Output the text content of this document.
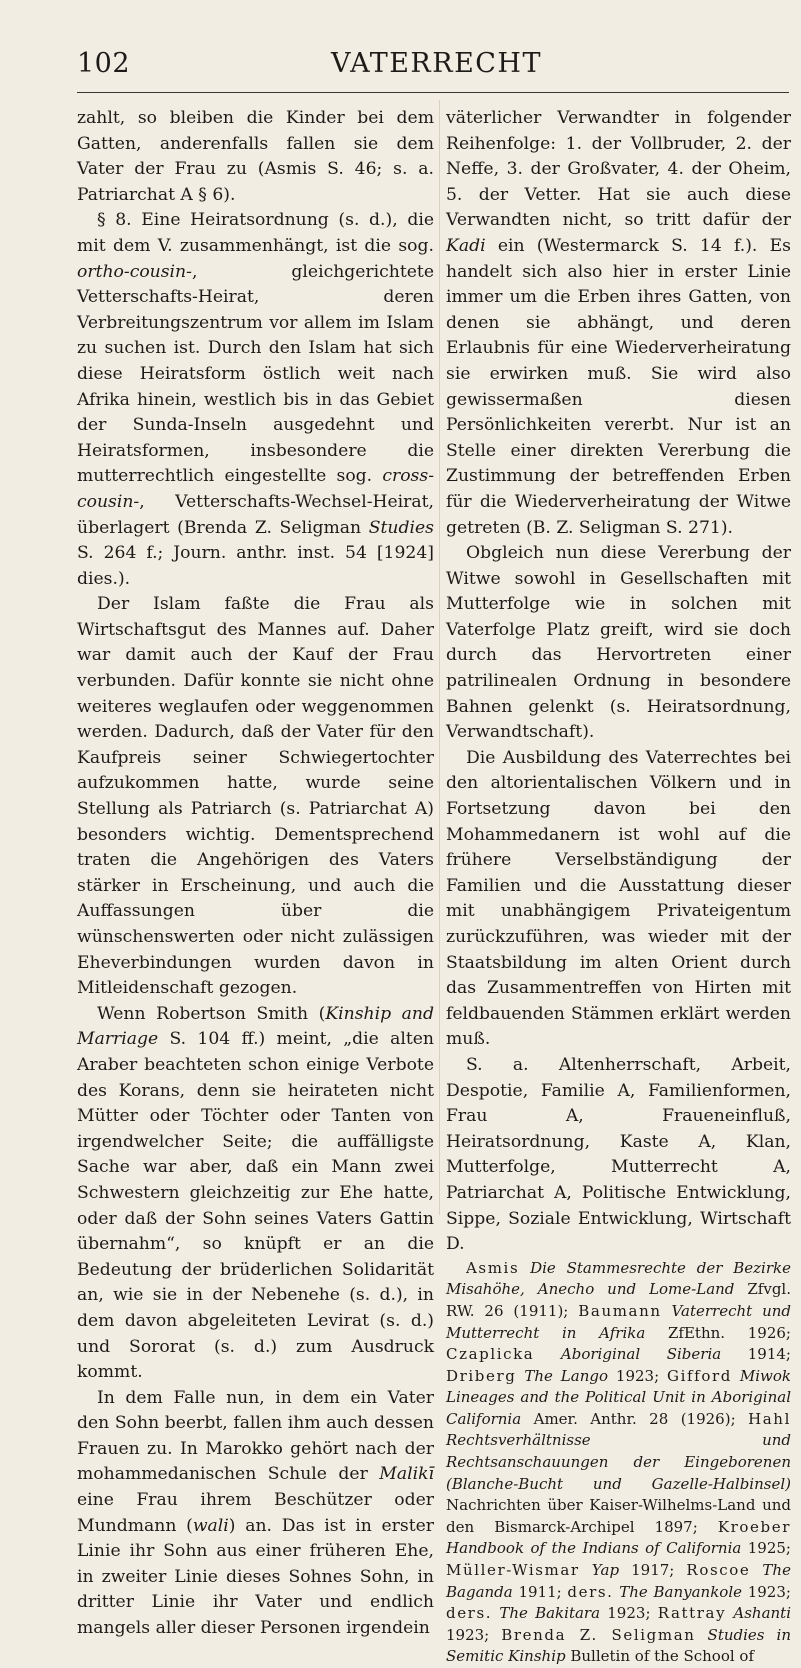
102	VATERRECHT

zahlt, so bleiben die Kinder bei dem Gatten, anderenfalls fallen sie dem Vater der Frau zu (Asmis S. 46; s. a. Patriarchat A § 6).

§ 8. Eine Heiratsordnung (s. d.), die mit dem V. zusammenhängt, ist die sog. ortho-cousin-, gleichgerichtete Vetterschafts-Heirat, deren Verbreitungszentrum vor allem im Islam zu suchen ist. Durch den Islam hat sich diese Heiratsform östlich weit nach Afrika hinein, westlich bis in das Gebiet der Sunda-Inseln ausgedehnt und Heiratsformen, insbesondere die mutterrechtlich eingestellte sog. cross-cousin-, Vetterschafts-Wechsel-Heirat, überlagert (Brenda Z. Seligman Studies S. 264 f.; Journ. anthr. inst. 54 [1924] dies.).

Der Islam faßte die Frau als Wirtschaftsgut des Mannes auf. Daher war damit auch der Kauf der Frau verbunden. Dafür konnte sie nicht ohne weiteres weglaufen oder weggenommen werden. Dadurch, daß der Vater für den Kaufpreis seiner Schwiegertochter aufzukommen hatte, wurde seine Stellung als Patriarch (s. Patriarchat A) besonders wichtig. Dementsprechend traten die Angehörigen des Vaters stärker in Erscheinung, und auch die Auffassungen über die wünschenswerten oder nicht zulässigen Eheverbindungen wurden davon in Mitleidenschaft gezogen.

Wenn Robertson Smith (Kinship and Marriage S. 104 ff.) meint, „die alten Araber beachteten schon einige Verbote des Korans, denn sie heirateten nicht Mütter oder Töchter oder Tanten von irgendwelcher Seite; die auffälligste Sache war aber, daß ein Mann zwei Schwestern gleichzeitig zur Ehe hatte, oder daß der Sohn seines Vaters Gattin übernahm“, so knüpft er an die Bedeutung der brüderlichen Solidarität an, wie sie in der Nebenehe (s. d.), in dem davon abgeleiteten Levirat (s. d.) und Sororat (s. d.) zum Ausdruck kommt.

In dem Falle nun, in dem ein Vater den Sohn beerbt, fallen ihm auch dessen Frauen zu. In Marokko gehört nach der mohammedanischen Schule der Malikī eine Frau ihrem Beschützer oder Mundmann (wali) an. Das ist in erster Linie ihr Sohn aus einer früheren Ehe, in zweiter Linie dieses Sohnes Sohn, in dritter Linie ihr Vater und endlich mangels aller dieser Personen irgendein

väterlicher Verwandter in folgender Reihenfolge: 1. der Vollbruder, 2. der Neffe, 3. der Großvater, 4. der Oheim, 5. der Vetter. Hat sie auch diese Verwandten nicht, so tritt dafür der Kadi ein (Westermarck S. 14 f.). Es handelt sich also hier in erster Linie immer um die Erben ihres Gatten, von denen sie abhängt, und deren Erlaubnis für eine Wiederverheiratung sie erwirken muß. Sie wird also gewissermaßen diesen Persönlichkeiten vererbt. Nur ist an Stelle einer direkten Vererbung die Zustimmung der betreffenden Erben für die Wiederverheiratung der Witwe getreten (B. Z. Seligman S. 271).

Obgleich nun diese Vererbung der Witwe sowohl in Gesellschaften mit Mutterfolge wie in solchen mit Vaterfolge Platz greift, wird sie doch durch das Hervortreten einer patrilinealen Ordnung in besondere Bahnen gelenkt (s. Heiratsordnung, Verwandtschaft).

Die Ausbildung des Vaterrechtes bei den altorientalischen Völkern und in Fortsetzung davon bei den Mohammedanern ist wohl auf die frühere Verselbständigung der Familien und die Ausstattung dieser mit unabhängigem Privateigentum zurückzuführen, was wieder mit der Staatsbildung im alten Orient durch das Zusammentreffen von Hirten mit feldbauenden Stämmen erklärt werden muß.

S. a. Altenherrschaft, Arbeit, Despotie, Familie A, Familienformen, Frau A, Fraueneinfluß, Heiratsordnung, Kaste A, Klan, Mutterfolge, Mutterrecht A, Patriarchat A, Politische Entwicklung, Sippe, Soziale Entwicklung, Wirtschaft D.

Asmis Die Stammesrechte der Bezirke Misahöhe, Anecho und Lome-Land Zfvgl. RW. 26 (1911); Baumann Vaterrecht und Mutterrecht in Afrika ZfEthn. 1926; Czaplicka Aboriginal Siberia 1914; Driberg The Lango 1923; Gifford Miwok Lineages and the Political Unit in Aboriginal California Amer. Anthr. 28 (1926); Hahl Rechtsverhältnisse und Rechtsanschauungen der Eingeborenen (Blanche-Bucht und Gazelle-Halbinsel) Nachrichten über Kaiser-Wilhelms-Land und den Bismarck-Archipel 1897; Kroeber Handbook of the Indians of California 1925; Müller-Wismar Yap 1917; Roscoe The Baganda 1911; ders. The Banyankole 1923; ders. The Bakitara 1923; Rattray Ashanti 1923; Brenda Z. Seligman Studies in Semitic Kinship Bulletin of the School of
